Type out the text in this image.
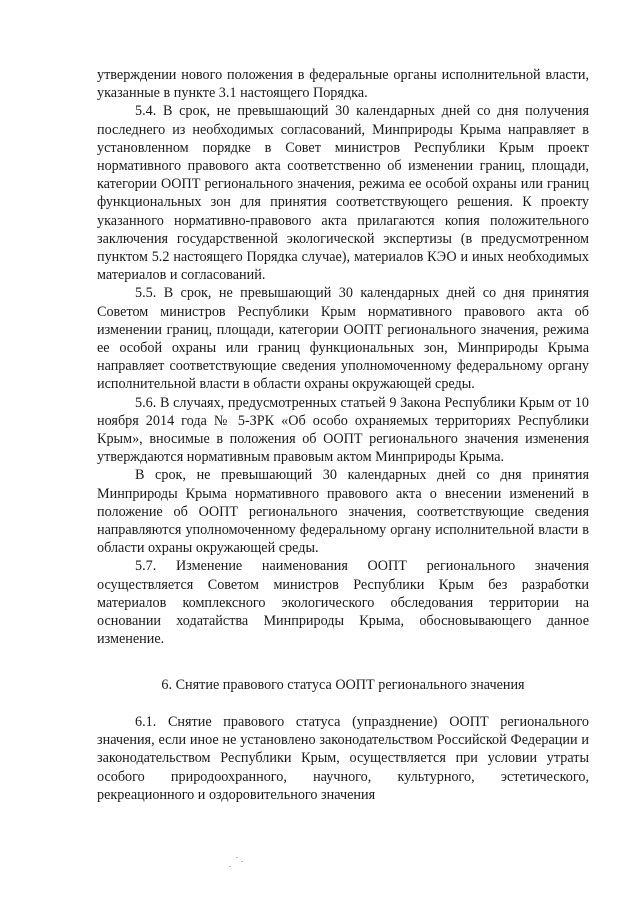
утверждении нового положения в федеральные органы исполнительной власти, указанные в пункте 3.1 настоящего Порядка.

5.4. В срок, не превышающий 30 календарных дней со дня получения последнего из необходимых согласований, Минприроды Крыма направляет в установленном порядке в Совет министров Республики Крым проект нормативного правового акта соответственно об изменении границ, площади, категории ООПТ регионального значения, режима ее особой охраны или границ функциональных зон для принятия соответствующего решения. К проекту указанного нормативно-правового акта прилагаются копия положительного заключения государственной экологической экспертизы (в предусмотренном пунктом 5.2 настоящего Порядка случае), материалов КЭО и иных необходимых материалов и согласований.

5.5. В срок, не превышающий 30 календарных дней со дня принятия Советом министров Республики Крым нормативного правового акта об изменении границ, площади, категории ООПТ регионального значения, режима ее особой охраны или границ функциональных зон, Минприроды Крыма направляет соответствующие сведения уполномоченному федеральному органу исполнительной власти в области охраны окружающей среды.

5.6. В случаях, предусмотренных статьей 9 Закона Республики Крым от 10 ноября 2014 года № 5-ЗРК «Об особо охраняемых территориях Республики Крым», вносимые в положения об ООПТ регионального значения изменения утверждаются нормативным правовым актом Минприроды Крыма.

В срок, не превышающий 30 календарных дней со дня принятия Минприроды Крыма нормативного правового акта о внесении изменений в положение об ООПТ регионального значения, соответствующие сведения направляются уполномоченному федеральному органу исполнительной власти в области охраны окружающей среды.

5.7. Изменение наименования ООПТ регионального значения осуществляется Советом министров Республики Крым без разработки материалов комплексного экологического обследования территории на основании ходатайства Минприроды Крыма, обосновывающего данное изменение.

6. Снятие правового статуса ООПТ регионального значения

6.1. Снятие правового статуса (упразднение) ООПТ регионального значения, если иное не установлено законодательством Российской Федерации и законодательством Республики Крым, осуществляется при условии утраты особого природоохранного, научного, культурного, эстетического, рекреационного и оздоровительного значения
